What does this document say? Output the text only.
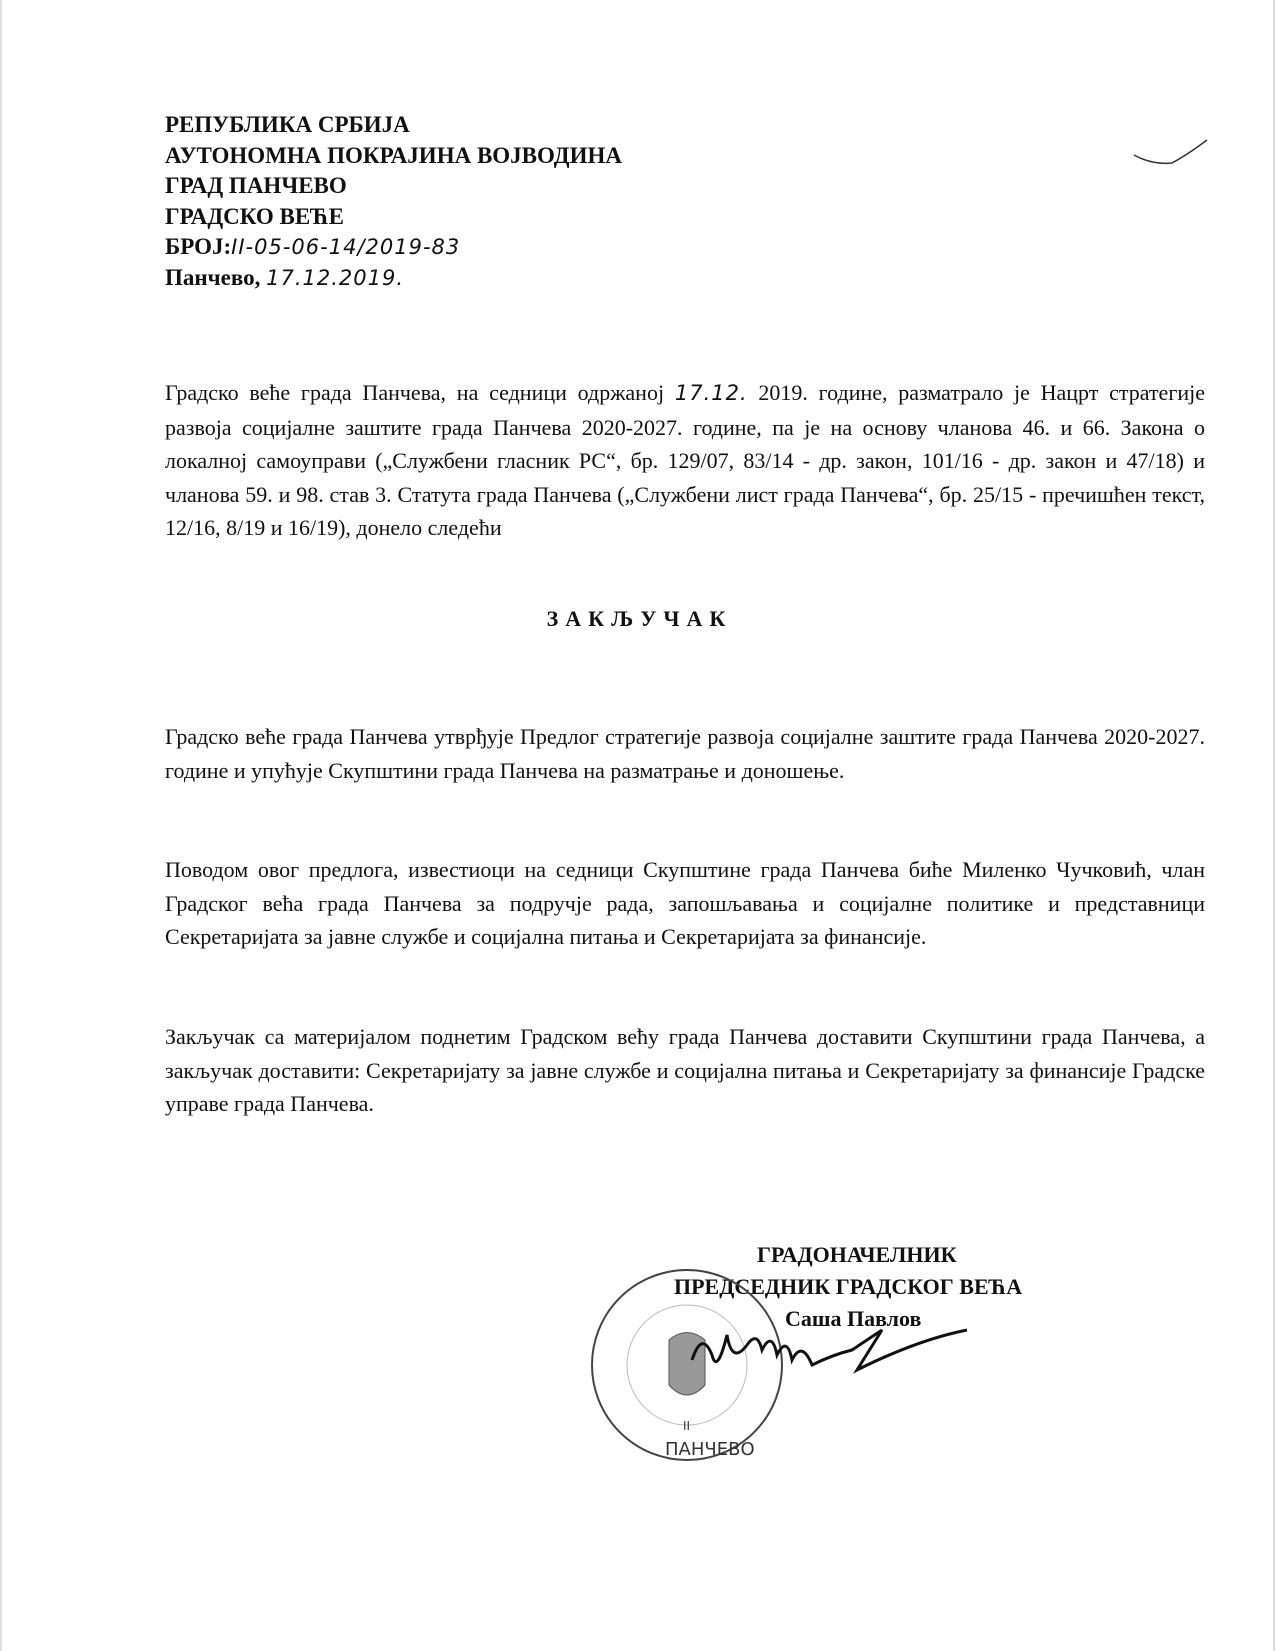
РЕПУБЛИКА СРБИЈА
АУТОНОМНА ПОКРАЈИНА ВОЈВОДИНА
ГРАД ПАНЧЕВО
ГРАДСКО ВЕЋЕ
БРОЈ:II-05-06-14/2019-83
Панчево, 17.12.2019.

Градско веће града Панчева, на седници одржаној 17.12. 2019. године, разматрало је Нацрт стратегије развоја социјалне заштите града Панчева 2020-2027. године, па је на основу чланова 46. и 66. Закона о локалној самоуправи („Службени гласник РС“, бр. 129/07, 83/14 - др. закон, 101/16 - др. закон и 47/18) и чланова 59. и 98. став 3. Статута града Панчева („Службени лист града Панчева“, бр. 25/15 - пречишћен текст, 12/16, 8/19 и 16/19), донело следећи

ЗАКЉУЧАК

Градско веће града Панчева утврђује Предлог стратегије развоја социјалне заштите града Панчева 2020-2027. године и упућује Скупштини града Панчева на разматрање и доношење.

Поводом овог предлога, известиоци на седници Скупштине града Панчева биће Миленко Чучковић, члан Градског већа града Панчева за подручје рада, запошљавања и социјалне политике и представници Секретаријата за јавне службе и социјална питања и Секретаријата за финансије.

Закључак са материјалом поднетим Градском већу града Панчева доставити Скупштини града Панчева, а закључак доставити: Секретаријату за јавне службе и социјална питања и Секретаријату за финансије Градске управе града Панчева.

ГРАДОНАЧЕЛНИК
ПРЕДСЕДНИК ГРАДСКОГ ВЕЋА
Саша Павлов
ПАНЧЕВО
II
